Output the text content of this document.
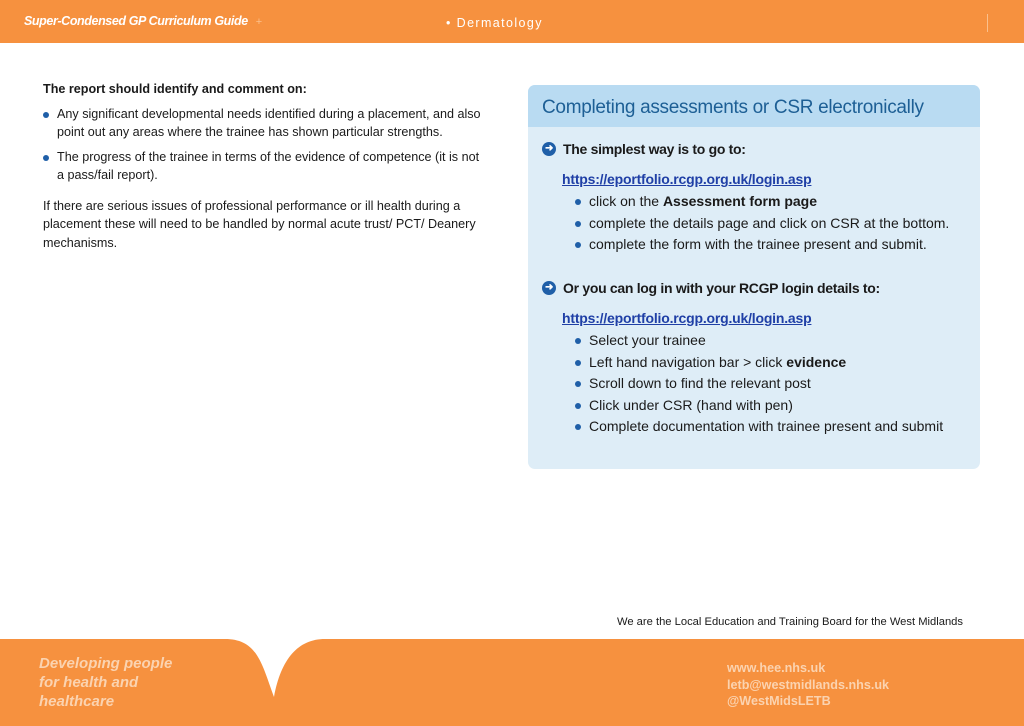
Super-Condensed GP Curriculum Guide +	• Dermatology
The report should identify and comment on:
Any significant developmental needs identified during a placement, and also point out any areas where the trainee has shown particular strengths.
The progress of the trainee in terms of the evidence of competence (it is not a pass/fail report).

If there are serious issues of professional performance or ill health during a placement these will need to be handled by normal acute trust/ PCT/ Deanery mechanisms.

Completing assessments or CSR electronically
➜ The simplest way is to go to:
https://eportfolio.rcgp.org.uk/login.asp
click on the Assessment form page
complete the details page and click on CSR at the bottom.
complete the form with the trainee present and submit.
➜ Or you can log in with your RCGP login details to:
https://eportfolio.rcgp.org.uk/login.asp
Select your trainee
Left hand navigation bar > click evidence
Scroll down to find the relevant post
Click under CSR (hand with pen)
Complete documentation with trainee present and submit
We are the Local Education and Training Board for the West Midlands
Developing people
for health and
healthcare
www.hee.nhs.uk
letb@westmidlands.nhs.uk
@WestMidsLETB
